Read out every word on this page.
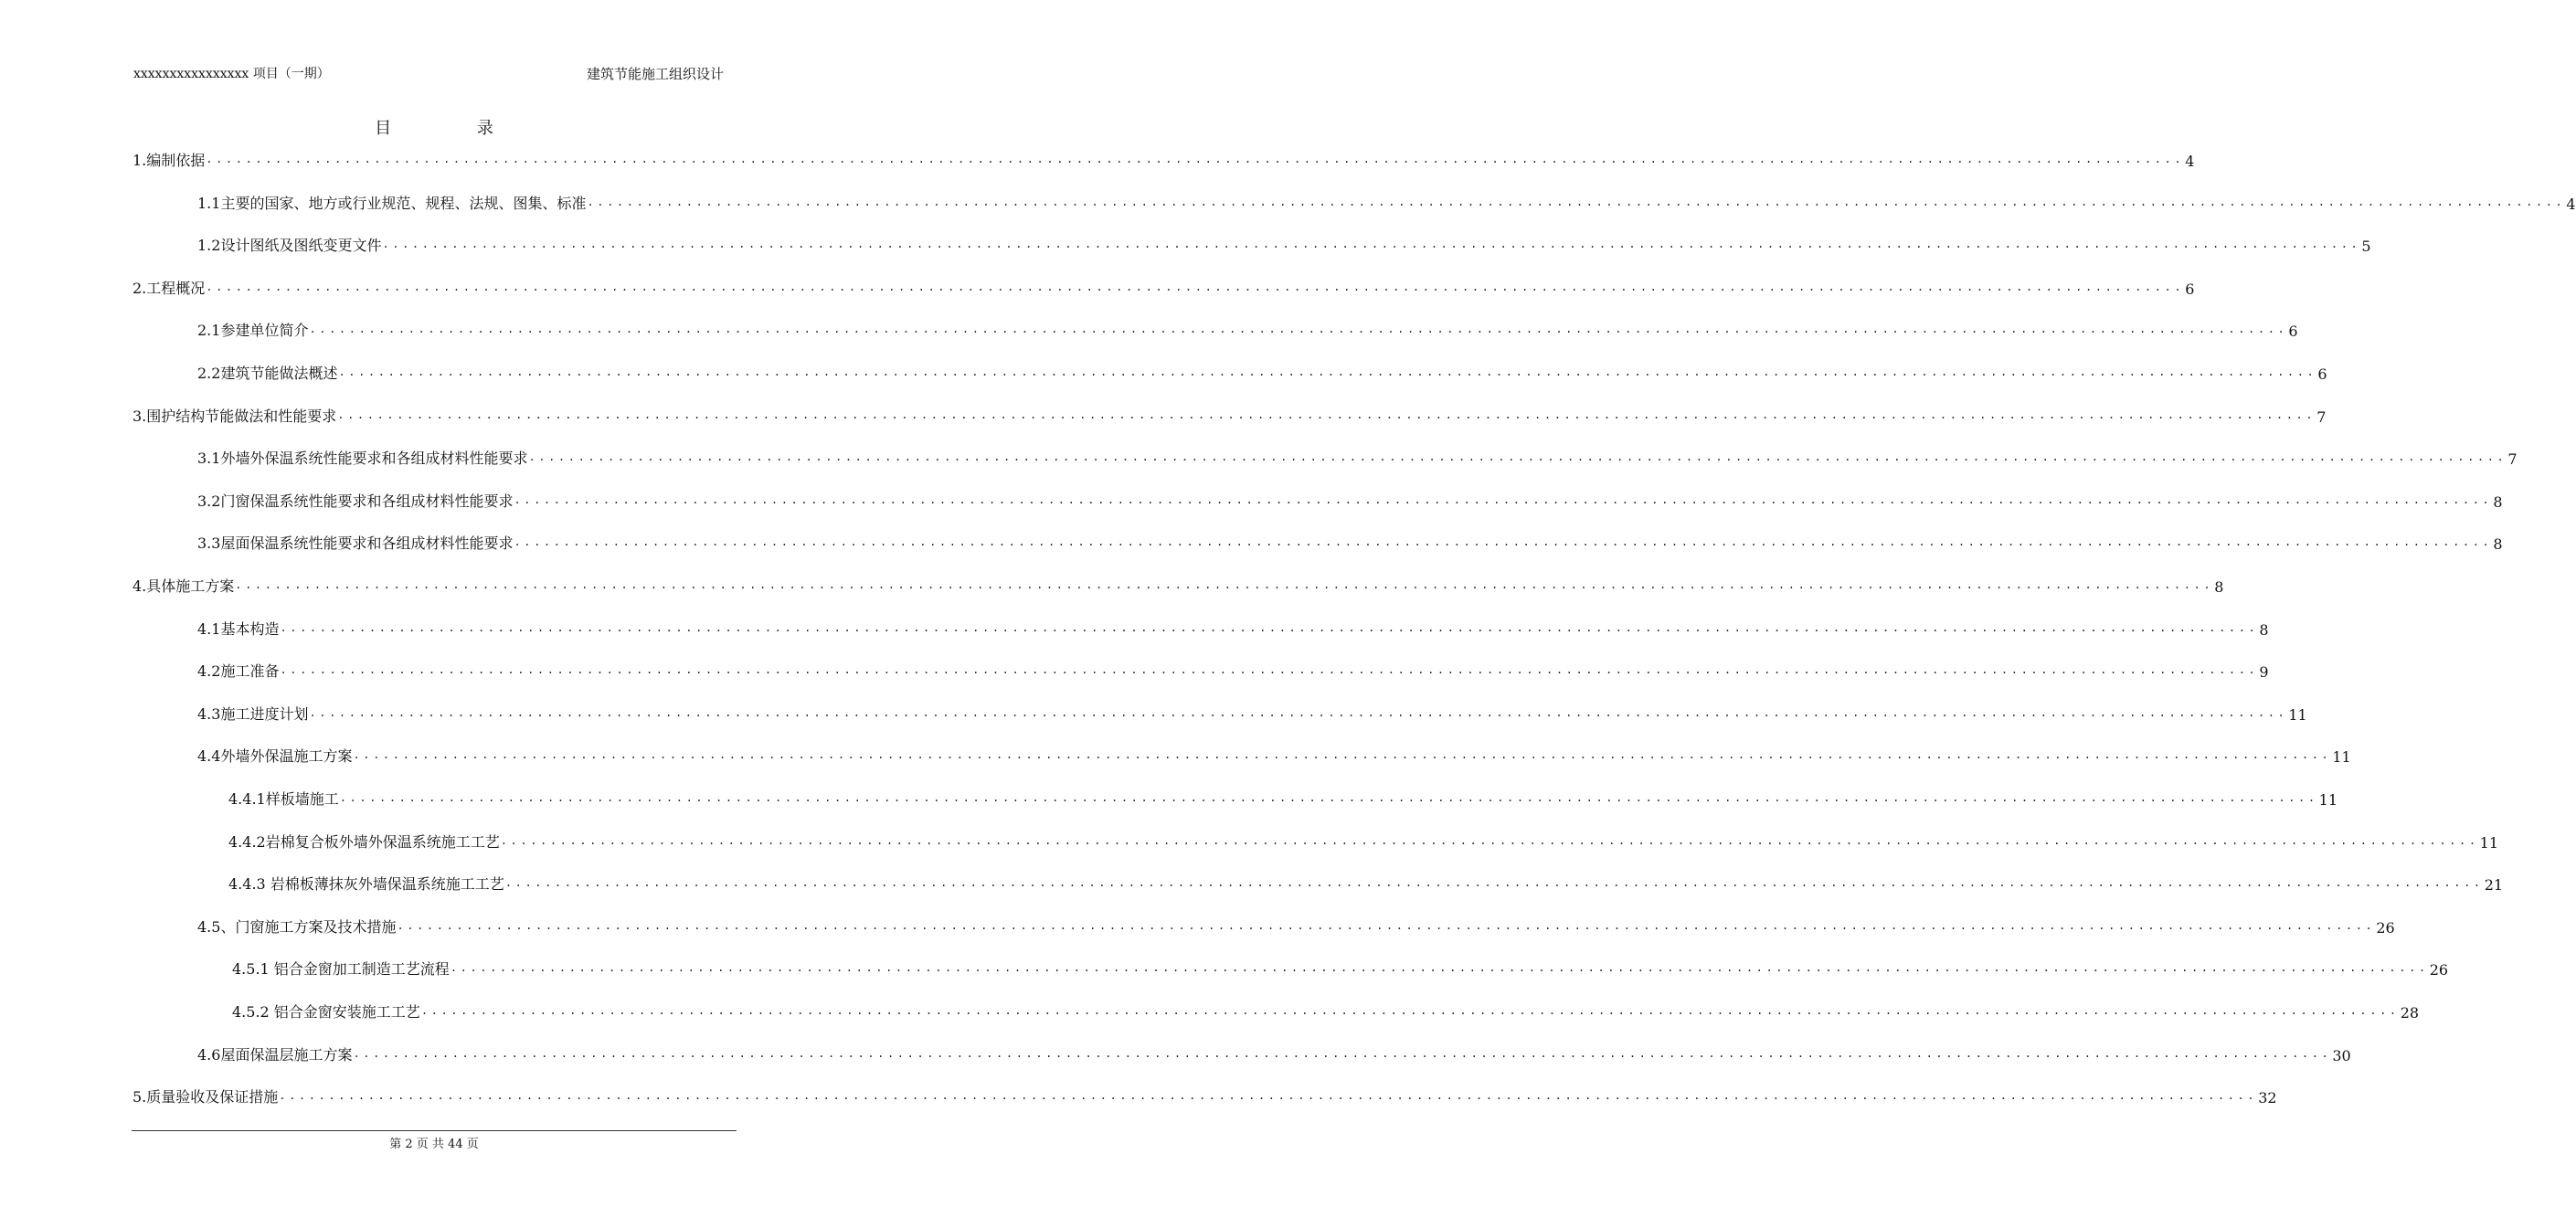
xxxxxxxxxxxxxxxx 项目（一期）	建筑节能施工组织设计
目 录
1.编制依据 ........................................................................................................................................................................................................ 4
1.1主要的国家、地方或行业规范、规程、法规、图集、标准 ........................................................................................................................................................................................................ 4
1.2设计图纸及图纸变更文件 ........................................................................................................................................................................................................ 5
2.工程概况 ........................................................................................................................................................................................................ 6
2.1参建单位简介 ........................................................................................................................................................................................................ 6
2.2建筑节能做法概述 ........................................................................................................................................................................................................ 6
3.围护结构节能做法和性能要求 ........................................................................................................................................................................................................ 7
3.1外墙外保温系统性能要求和各组成材料性能要求 ........................................................................................................................................................................................................ 7
3.2门窗保温系统性能要求和各组成材料性能要求 ........................................................................................................................................................................................................ 8
3.3屋面保温系统性能要求和各组成材料性能要求 ........................................................................................................................................................................................................ 8
4.具体施工方案 ........................................................................................................................................................................................................ 8
4.1基本构造 ........................................................................................................................................................................................................ 8
4.2施工准备 ........................................................................................................................................................................................................ 9
4.3施工进度计划 ........................................................................................................................................................................................................ 11
4.4外墙外保温施工方案 ........................................................................................................................................................................................................ 11
4.4.1样板墙施工 ........................................................................................................................................................................................................ 11
4.4.2岩棉复合板外墙外保温系统施工工艺 ........................................................................................................................................................................................................ 11
4.4.3 岩棉板薄抹灰外墙保温系统施工工艺 ........................................................................................................................................................................................................ 21
4.5、门窗施工方案及技术措施 ........................................................................................................................................................................................................ 26
4.5.1 铝合金窗加工制造工艺流程 ........................................................................................................................................................................................................ 26
4.5.2 铝合金窗安装施工工艺 ........................................................................................................................................................................................................ 28
4.6屋面保温层施工方案 ........................................................................................................................................................................................................ 30
5.质量验收及保证措施 ........................................................................................................................................................................................................ 32
第 2 页 共 44 页
